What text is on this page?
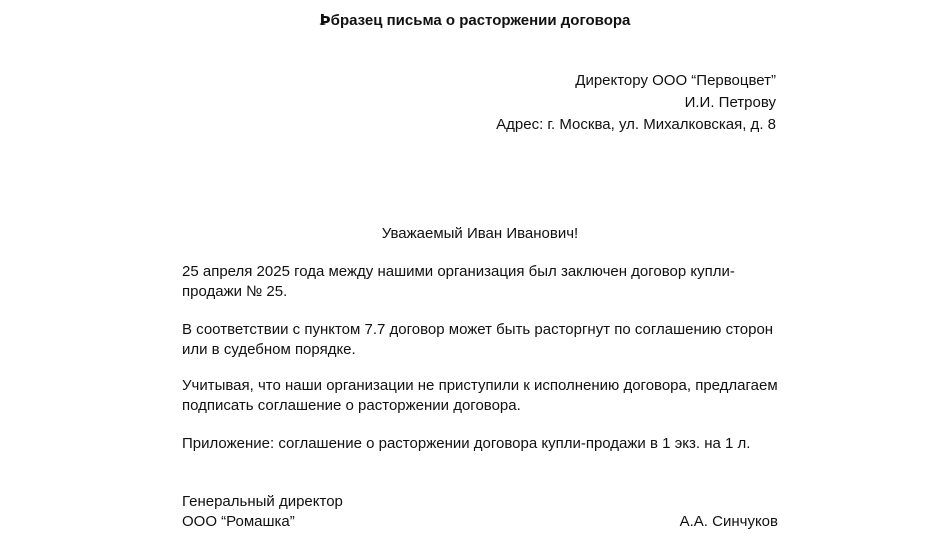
Ꝧбразец письма о расторжении договора
Директору ООО “Первоцвет”
И.И. Петрову
Адрес: г. Москва, ул. Михалковская, д. 8
Уважаемый Иван Иванович!
25 апреля 2025 года между нашими организация был заключен договор купли-продажи № 25.
В соответствии с пунктом 7.7 договор может быть расторгнут по соглашению сторон или в судебном порядке.
Учитывая, что наши организации не приступили к исполнению договора, предлагаем подписать соглашение о расторжении договора.
Приложение: соглашение о расторжении договора купли-продажи в 1 экз. на 1 л.
Генеральный директор
ООО “Ромашка”	А.А. Синчуков
